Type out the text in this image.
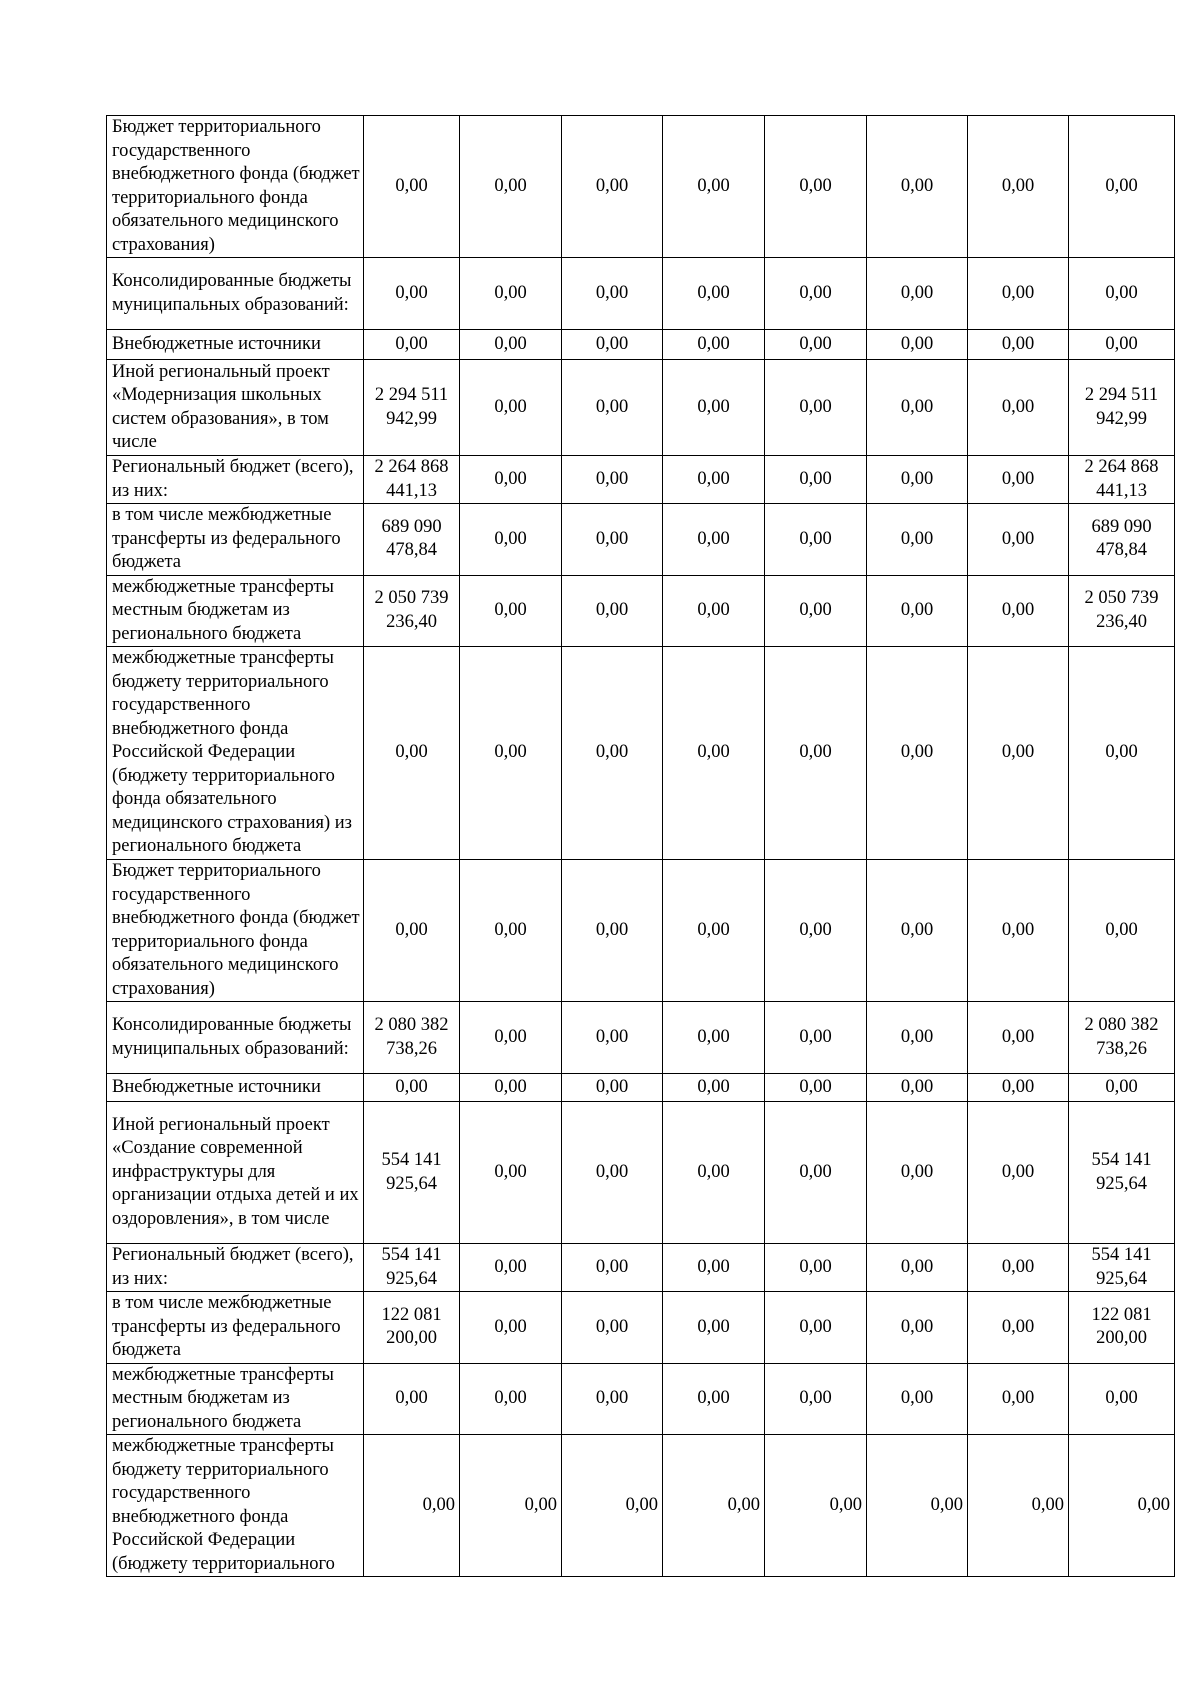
Бюджет территориального государственного внебюджетного фонда (бюджет территориального фонда обязательного медицинского страхования)	0,00	0,00	0,00	0,00	0,00	0,00	0,00	0,00
Консолидированные бюджеты муниципальных образований:	0,00	0,00	0,00	0,00	0,00	0,00	0,00	0,00
Внебюджетные источники	0,00	0,00	0,00	0,00	0,00	0,00	0,00	0,00
Иной региональный проект «Модернизация школьных систем образования», в том числе	2 294 511 942,99	0,00	0,00	0,00	0,00	0,00	0,00	2 294 511 942,99
Региональный бюджет (всего), из них:	2 264 868 441,13	0,00	0,00	0,00	0,00	0,00	0,00	2 264 868 441,13
в том числе межбюджетные трансферты из федерального бюджета	689 090 478,84	0,00	0,00	0,00	0,00	0,00	0,00	689 090 478,84
межбюджетные трансферты местным бюджетам из регионального бюджета	2 050 739 236,40	0,00	0,00	0,00	0,00	0,00	0,00	2 050 739 236,40
межбюджетные трансферты бюджету территориального государственного внебюджетного фонда Российской Федерации (бюджету территориального фонда обязательного медицинского страхования) из регионального бюджета	0,00	0,00	0,00	0,00	0,00	0,00	0,00	0,00
Бюджет территориального государственного внебюджетного фонда (бюджет территориального фонда обязательного медицинского страхования)	0,00	0,00	0,00	0,00	0,00	0,00	0,00	0,00
Консолидированные бюджеты муниципальных образований:	2 080 382 738,26	0,00	0,00	0,00	0,00	0,00	0,00	2 080 382 738,26
Внебюджетные источники	0,00	0,00	0,00	0,00	0,00	0,00	0,00	0,00
Иной региональный проект «Создание современной инфраструктуры для организации отдыха детей и их оздоровления», в том числе	554 141 925,64	0,00	0,00	0,00	0,00	0,00	0,00	554 141 925,64
Региональный бюджет (всего), из них:	554 141 925,64	0,00	0,00	0,00	0,00	0,00	0,00	554 141 925,64
в том числе межбюджетные трансферты из федерального бюджета	122 081 200,00	0,00	0,00	0,00	0,00	0,00	0,00	122 081 200,00
межбюджетные трансферты местным бюджетам из регионального бюджета	0,00	0,00	0,00	0,00	0,00	0,00	0,00	0,00
межбюджетные трансферты бюджету территориального государственного внебюджетного фонда Российской Федерации (бюджету территориального	0,00	0,00	0,00	0,00	0,00	0,00	0,00	0,00
